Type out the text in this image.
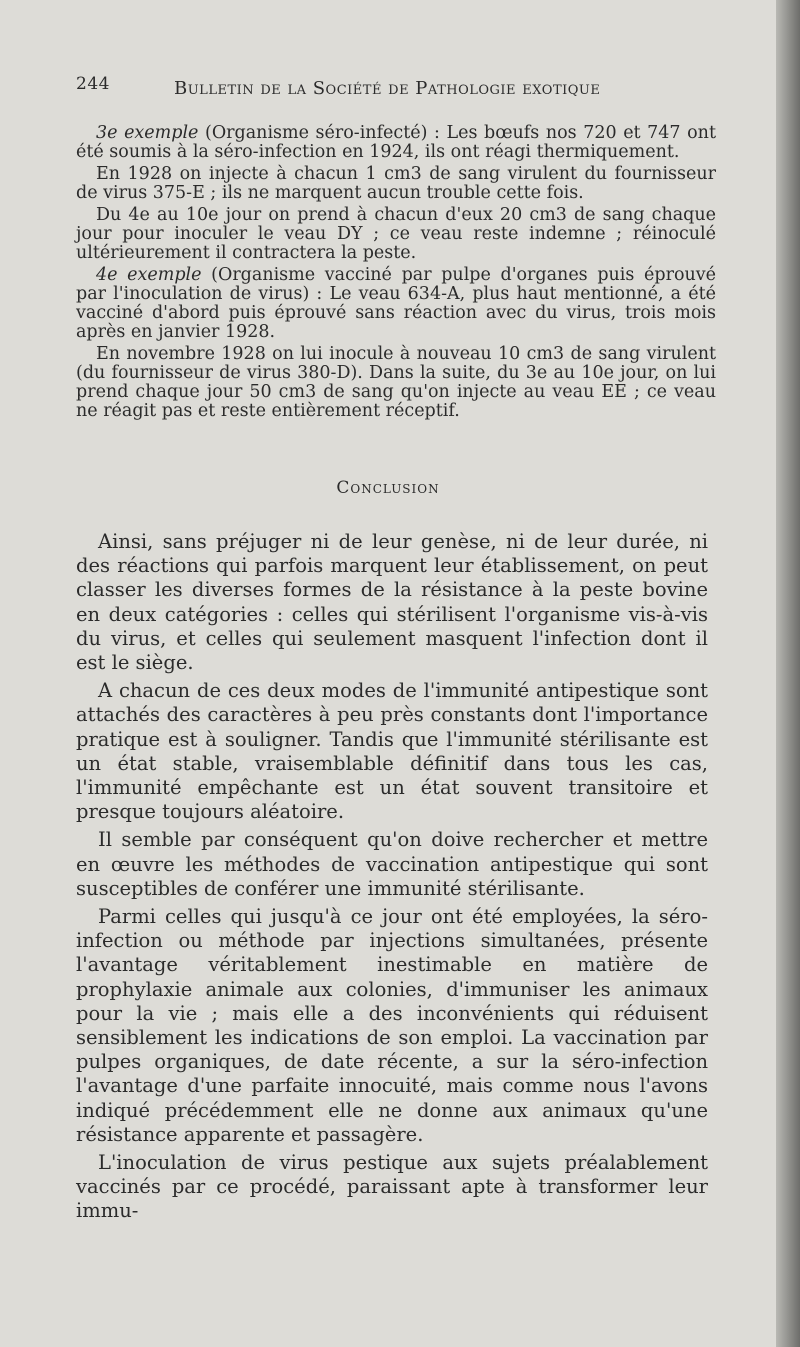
244	Bulletin de la Société de Pathologie exotique

3e exemple (Organisme séro-infecté) : Les bœufs nos 720 et 747 ont été soumis à la séro-infection en 1924, ils ont réagi thermiquement.

En 1928 on injecte à chacun 1 cm3 de sang virulent du fournisseur de virus 375-E ; ils ne marquent aucun trouble cette fois.

Du 4e au 10e jour on prend à chacun d'eux 20 cm3 de sang chaque jour pour inoculer le veau DY ; ce veau reste indemne ; réinoculé ultérieurement il contractera la peste.

4e exemple (Organisme vacciné par pulpe d'organes puis éprouvé par l'inoculation de virus) : Le veau 634-A, plus haut mentionné, a été vacciné d'abord puis éprouvé sans réaction avec du virus, trois mois après en janvier 1928.

En novembre 1928 on lui inocule à nouveau 10 cm3 de sang virulent (du fournisseur de virus 380-D). Dans la suite, du 3e au 10e jour, on lui prend chaque jour 50 cm3 de sang qu'on injecte au veau EE ; ce veau ne réagit pas et reste entièrement réceptif.

Conclusion

Ainsi, sans préjuger ni de leur genèse, ni de leur durée, ni des réactions qui parfois marquent leur établissement, on peut classer les diverses formes de la résistance à la peste bovine en deux catégories : celles qui stérilisent l'organisme vis-à-vis du virus, et celles qui seulement masquent l'infection dont il est le siège.

A chacun de ces deux modes de l'immunité antipestique sont attachés des caractères à peu près constants dont l'importance pratique est à souligner. Tandis que l'immunité stérilisante est un état stable, vraisemblable définitif dans tous les cas, l'immunité empêchante est un état souvent transitoire et presque toujours aléatoire.

Il semble par conséquent qu'on doive rechercher et mettre en œuvre les méthodes de vaccination antipestique qui sont susceptibles de conférer une immunité stérilisante.

Parmi celles qui jusqu'à ce jour ont été employées, la séro-infection ou méthode par injections simultanées, présente l'avantage véritablement inestimable en matière de prophylaxie animale aux colonies, d'immuniser les animaux pour la vie ; mais elle a des inconvénients qui réduisent sensiblement les indications de son emploi. La vaccination par pulpes organiques, de date récente, a sur la séro-infection l'avantage d'une parfaite innocuité, mais comme nous l'avons indiqué précédemment elle ne donne aux animaux qu'une résistance apparente et passagère.

L'inoculation de virus pestique aux sujets préalablement vaccinés par ce procédé, paraissant apte à transformer leur immu-
